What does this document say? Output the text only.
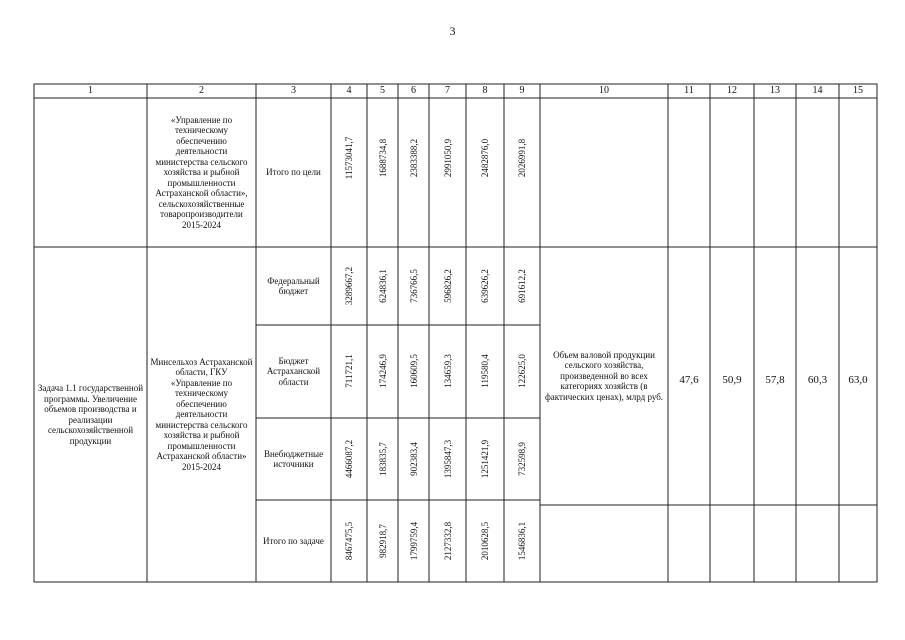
3
1	2	3	4	5	6	7	8	9	10	11	12	13	14	15
«Управление по техническому обеспечению деятельности министерства сельского хозяйства и рыбной промышленности Астраханской области», сельскохозяйственные товаропроизводители 2015-2024
Итого по цели	11573041,7	1688734,8 2383388,2	2991050,9	2482876,0	2026991,8
Задача 1.1 государственной программы. Увеличение объемов производства и реализации сельскохозяйственной продукции
Минсельхоз Астраханской области, ГКУ «Управление по техническому обеспечению деятельности министерства сельского хозяйства и рыбной промышленности Астраханской области» 2015-2024
Объем валовой продукции сельского хозяйства, произведенной во всех категориях хозяйств (в фактических ценах), млрд руб.
47,6	50,9	57,8	60,3	63,0
Федеральный бюджет	3289667,2	624836,1 736766,5	596826,2	639626,2	691612,2
Бюджет Астраханской области	711721,1	174246,9 160609,5	134659,3	119580,4	122625,0
Внебюджетные источники	4466087,2	183835,7 902383,4	1395847,3	1251421,9	732598,9
Итого по задаче	8467475,5	982918,7 1799759,4	2127332,8	2010628,5	1546836,1
